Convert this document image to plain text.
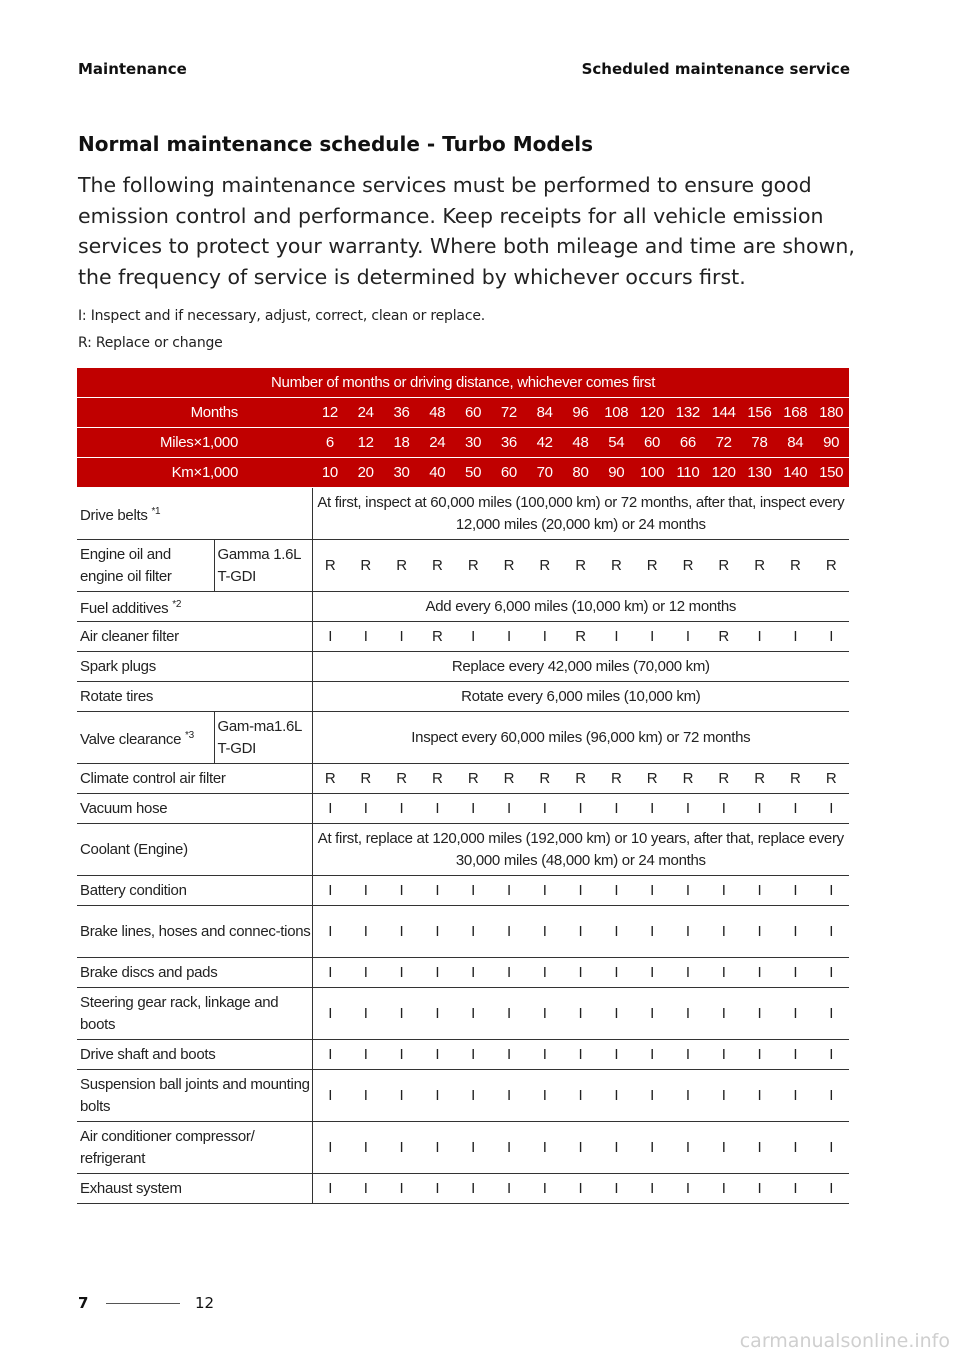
Maintenance	Scheduled maintenance service
Normal maintenance schedule - Turbo Models
The following maintenance services must be performed to ensure good emission control and performance. Keep receipts for all vehicle emission services to protect your warranty. Where both mileage and time are shown, the frequency of service is determined by whichever occurs first.
I: Inspect and if necessary, adjust, correct, clean or replace.
R: Replace or change
Number of months or driving distance, whichever comes first																
Months		12	24	36	48	60	72	84	96	108	120	132	144	156	168	180
Miles×1,000		6	12	18	24	30	36	42	48	54	60	66	72	78	84	90
Km×1,000		10	20	30	40	50	60	70	80	90	100	110	120	130	140	150
Drive belts $^{*1}$		At first, inspect at 60,000 miles (100,000 km) or 72 months, after that, inspect every 12,000 miles (20,000 km) or 24 months														
Engine oil and engine oil filter	Gamma 1.6L T-GDI	R	R	R	R	R	R	R	R	R	R	R	R	R	R	R
Fuel additives $^{*2}$		Add every 6,000 miles (10,000 km) or 12 months														
Air cleaner filter		I	I	I	R	I	I	I	R	I	I	I	R	I	I	I
Spark plugs		Replace every 42,000 miles (70,000 km)														
Rotate tires		Rotate every 6,000 miles (10,000 km)														
Valve clearance $^{*3}$	Gam-ma1.6L T-GDI	Inspect every 60,000 miles (96,000 km) or 72 months														
Climate control air filter		R	R	R	R	R	R	R	R	R	R	R	R	R	R	R
Vacuum hose		I	I	I	I	I	I	I	I	I	I	I	I	I	I	I
Coolant (Engine)		At first, replace at 120,000 miles (192,000 km) or 10 years, after that, replace every 30,000 miles (48,000 km) or 24 months														
Battery condition		I	I	I	I	I	I	I	I	I	I	I	I	I	I	I
Brake lines, hoses and connec-tions		I	I	I	I	I	I	I	I	I	I	I	I	I	I	I
Brake discs and pads		I	I	I	I	I	I	I	I	I	I	I	I	I	I	I
Steering gear rack, linkage and boots		I	I	I	I	I	I	I	I	I	I	I	I	I	I	I
Drive shaft and boots		I	I	I	I	I	I	I	I	I	I	I	I	I	I	I
Suspension ball joints and mounting bolts		I	I	I	I	I	I	I	I	I	I	I	I	I	I	I
Air conditioner compressor/ refrigerant		I	I	I	I	I	I	I	I	I	I	I	I	I	I	I
Exhaust system		I	I	I	I	I	I	I	I	I	I	I	I	I	I	I
7	12
carmanualsonline.info
